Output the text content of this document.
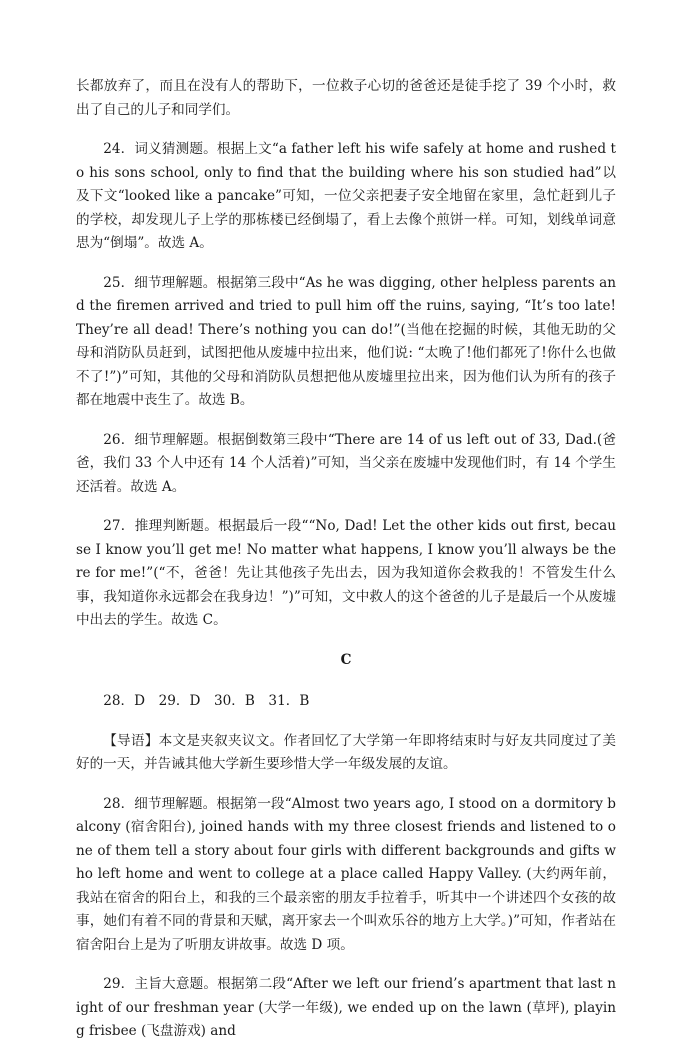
长都放弃了，而且在没有人的帮助下，一位救子心切的爸爸还是徒手挖了 39 个小时，救出了自己的儿子和同学们。

24．词义猜测题。根据上文“a father left his wife safely at home and rushed to his sons school, only to find that the building where his son studied had”以及下文“looked like a pancake”可知，一位父亲把妻子安全地留在家里，急忙赶到儿子的学校，却发现儿子上学的那栋楼已经倒塌了，看上去像个煎饼一样。可知，划线单词意思为“倒塌”。故选 A。

25．细节理解题。根据第三段中“As he was digging, other helpless parents and the firemen arrived and tried to pull him off the ruins, saying, “It’s too late! They’re all dead! There’s nothing you can do!”(当他在挖掘的时候，其他无助的父母和消防队员赶到，试图把他从废墟中拉出来，他们说: “太晚了!他们都死了!你什么也做不了!”)”可知，其他的父母和消防队员想把他从废墟里拉出来，因为他们认为所有的孩子都在地震中丧生了。故选 B。

26．细节理解题。根据倒数第三段中“There are 14 of us left out of 33, Dad.(爸爸，我们 33 个人中还有 14 个人活着)”可知，当父亲在废墟中发现他们时，有 14 个学生还活着。故选 A。

27．推理判断题。根据最后一段““No, Dad! Let the other kids out first, because I know you’ll get me! No matter what happens, I know you’ll always be there for me!”(“不，爸爸！先让其他孩子先出去，因为我知道你会救我的！不管发生什么事，我知道你永远都会在我身边！”)”可知，文中救人的这个爸爸的儿子是最后一个从废墟中出去的学生。故选 C。

C

28．D　29．D　30．B　31．B

【导语】本文是夹叙夹议文。作者回忆了大学第一年即将结束时与好友共同度过了美好的一天，并告诫其他大学新生要珍惜大学一年级发展的友谊。

28．细节理解题。根据第一段“Almost two years ago, I stood on a dormitory balcony (宿舍阳台), joined hands with my three closest friends and listened to one of them tell a story about four girls with different backgrounds and gifts who left home and went to college at a place called Happy Valley. (大约两年前，我站在宿舍的阳台上，和我的三个最亲密的朋友手拉着手，听其中一个讲述四个女孩的故事，她们有着不同的背景和天赋，离开家去一个叫欢乐谷的地方上大学。)”可知，作者站在宿舍阳台上是为了听朋友讲故事。故选 D 项。

29．主旨大意题。根据第二段“After we left our friend’s apartment that last night of our freshman year (大学一年级), we ended up on the lawn (草坪), playing frisbee (飞盘游戏) and
